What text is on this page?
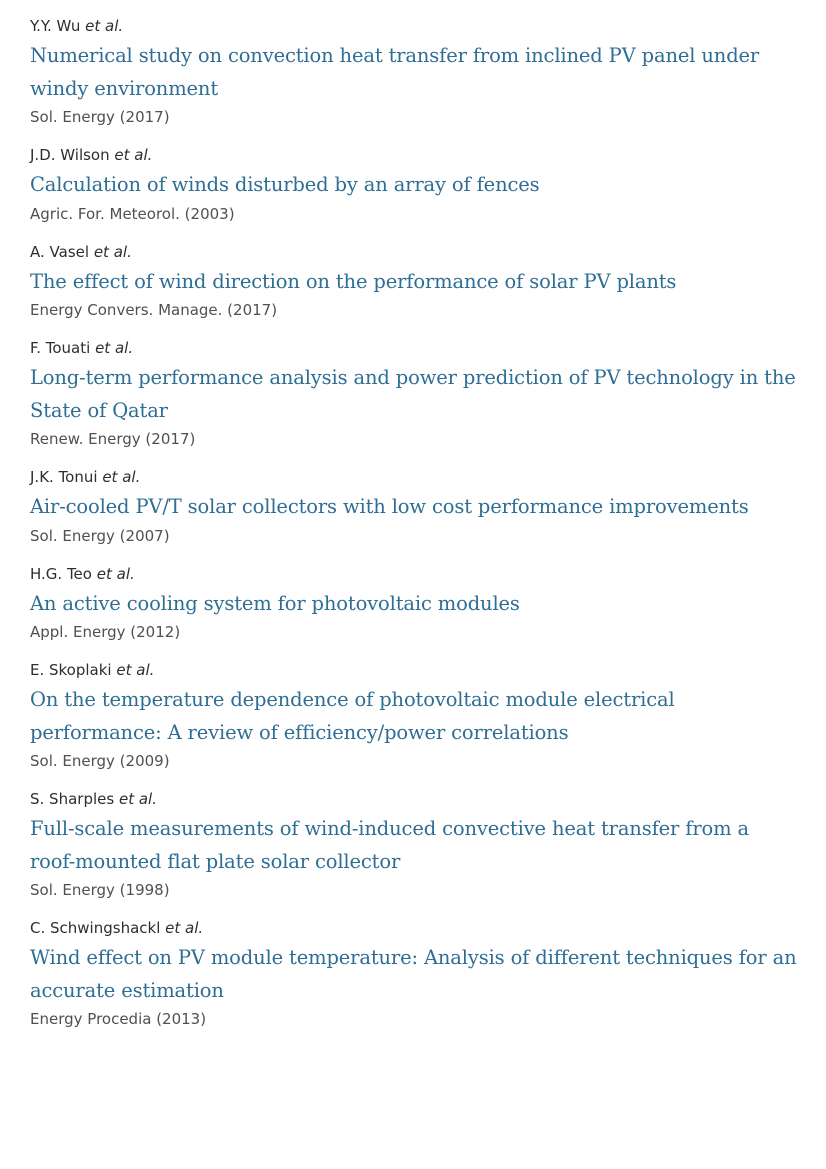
Y.Y. Wu et al.
Numerical study on convection heat transfer from inclined PV panel under windy environment
Sol. Energy (2017)
J.D. Wilson et al.
Calculation of winds disturbed by an array of fences
Agric. For. Meteorol. (2003)
A. Vasel et al.
The effect of wind direction on the performance of solar PV plants
Energy Convers. Manage. (2017)
F. Touati et al.
Long-term performance analysis and power prediction of PV technology in the State of Qatar
Renew. Energy (2017)
J.K. Tonui et al.
Air-cooled PV/T solar collectors with low cost performance improvements
Sol. Energy (2007)
H.G. Teo et al.
An active cooling system for photovoltaic modules
Appl. Energy (2012)
E. Skoplaki et al.
On the temperature dependence of photovoltaic module electrical performance: A review of efficiency/power correlations
Sol. Energy (2009)
S. Sharples et al.
Full-scale measurements of wind-induced convective heat transfer from a roof-mounted flat plate solar collector
Sol. Energy (1998)
C. Schwingshackl et al.
Wind effect on PV module temperature: Analysis of different techniques for an accurate estimation
Energy Procedia (2013)
